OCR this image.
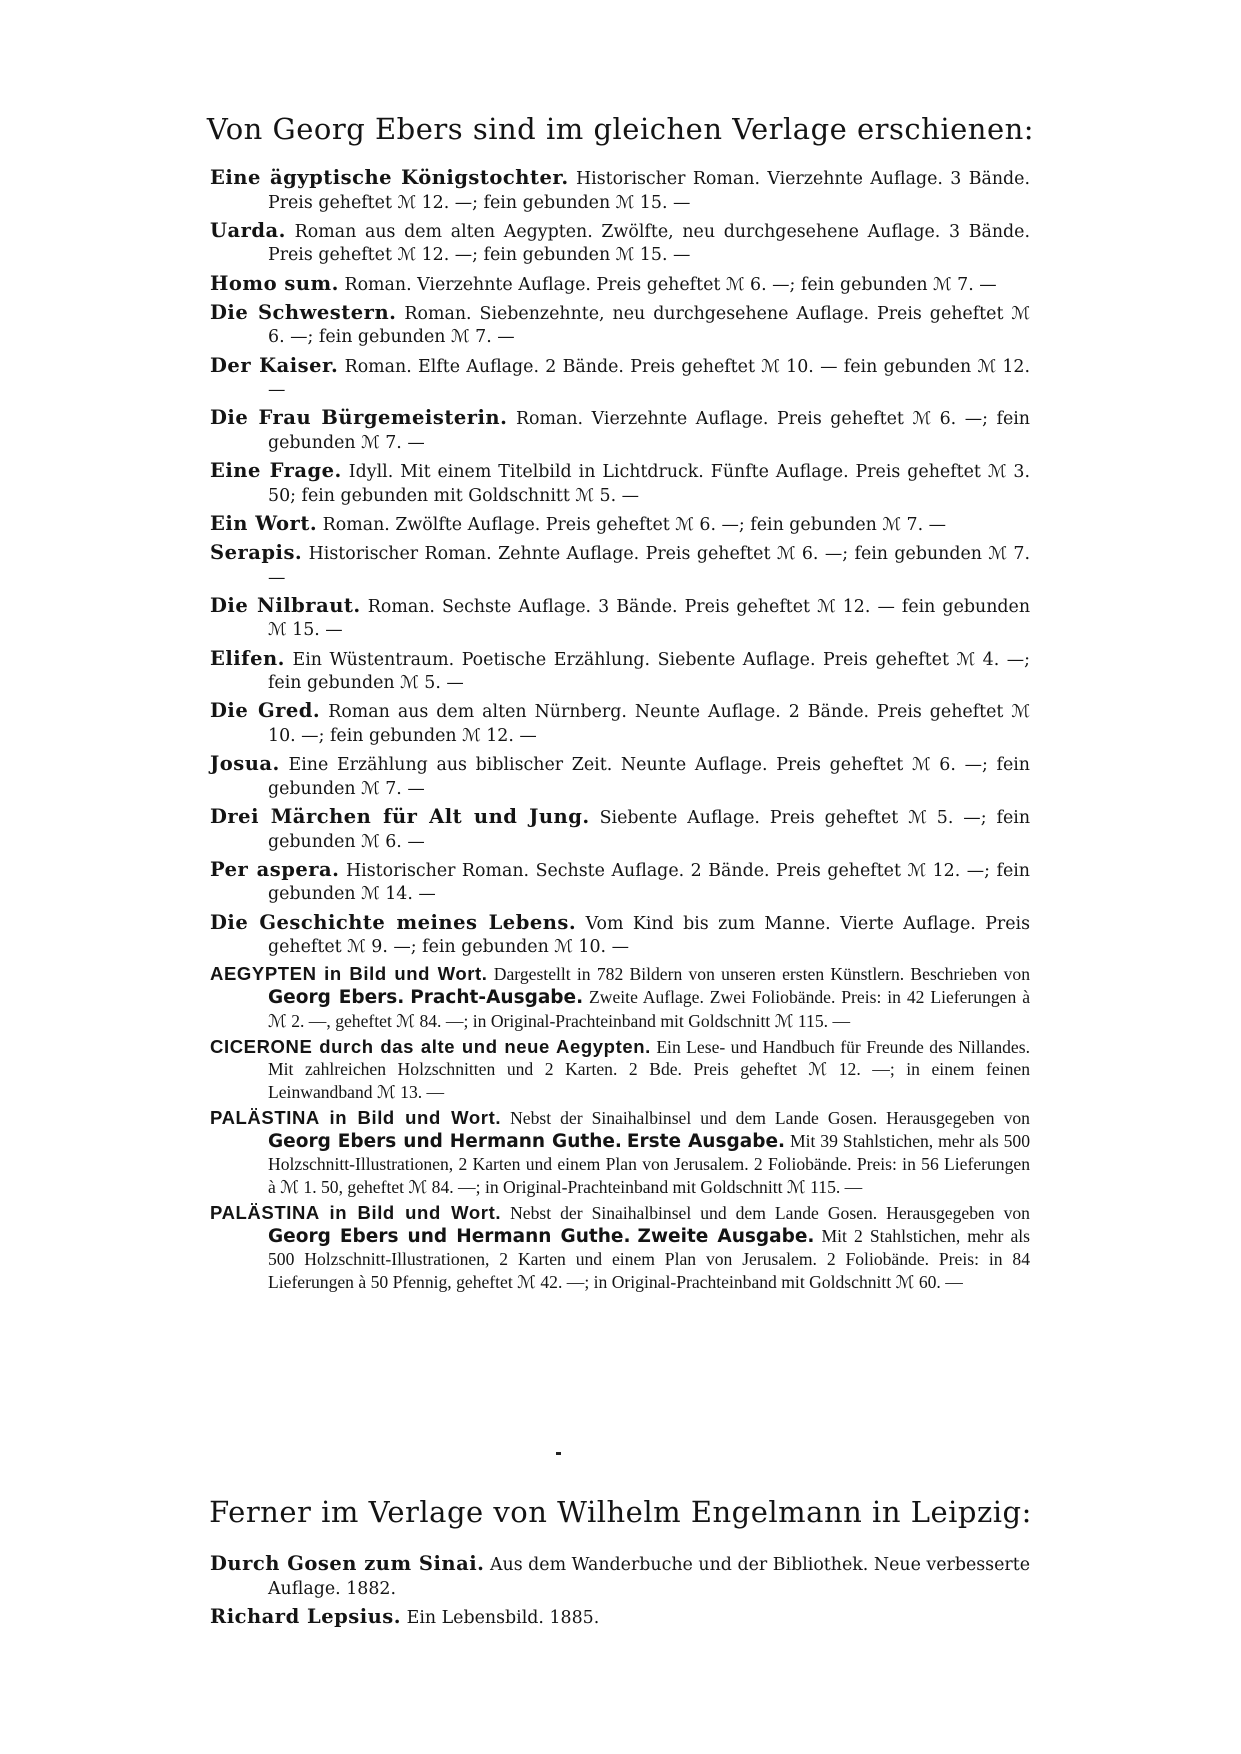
Von Georg Ebers sind im gleichen Verlage erschienen:

Eine ägyptische Königstochter. Historischer Roman. Vierzehnte Auflage. 3 Bände. Preis geheftet ℳ 12. —; fein gebunden ℳ 15. —

Uarda. Roman aus dem alten Aegypten. Zwölfte, neu durchgesehene Auflage. 3 Bände. Preis geheftet ℳ 12. —; fein gebunden ℳ 15. —

Homo sum. Roman. Vierzehnte Auflage. Preis geheftet ℳ 6. —; fein gebunden ℳ 7. —

Die Schwestern. Roman. Siebenzehnte, neu durchgesehene Auflage. Preis geheftet ℳ 6. —; fein gebunden ℳ 7. —

Der Kaiser. Roman. Elfte Auflage. 2 Bände. Preis geheftet ℳ 10. — fein gebunden ℳ 12. —

Die Frau Bürgemeisterin. Roman. Vierzehnte Auflage. Preis geheftet ℳ 6. —; fein gebunden ℳ 7. —

Eine Frage. Idyll. Mit einem Titelbild in Lichtdruck. Fünfte Auflage. Preis geheftet ℳ 3. 50; fein gebunden mit Goldschnitt ℳ 5. —

Ein Wort. Roman. Zwölfte Auflage. Preis geheftet ℳ 6. —; fein gebunden ℳ 7. —

Serapis. Historischer Roman. Zehnte Auflage. Preis geheftet ℳ 6. —; fein gebunden ℳ 7. —

Die Nilbraut. Roman. Sechste Auflage. 3 Bände. Preis geheftet ℳ 12. — fein gebunden ℳ 15. —

Elifen. Ein Wüstentraum. Poetische Erzählung. Siebente Auflage. Preis geheftet ℳ 4. —; fein gebunden ℳ 5. —

Die Gred. Roman aus dem alten Nürnberg. Neunte Auflage. 2 Bände. Preis geheftet ℳ 10. —; fein gebunden ℳ 12. —

Josua. Eine Erzählung aus biblischer Zeit. Neunte Auflage. Preis geheftet ℳ 6. —; fein gebunden ℳ 7. —

Drei Märchen für Alt und Jung. Siebente Auflage. Preis geheftet ℳ 5. —; fein gebunden ℳ 6. —

Per aspera. Historischer Roman. Sechste Auflage. 2 Bände. Preis geheftet ℳ 12. —; fein gebunden ℳ 14. —

Die Geschichte meines Lebens. Vom Kind bis zum Manne. Vierte Auflage. Preis geheftet ℳ 9. —; fein gebunden ℳ 10. —

AEGYPTEN in Bild und Wort. Dargestellt in 782 Bildern von unseren ersten Künstlern. Beschrieben von Georg Ebers. Pracht-Ausgabe. Zweite Auflage. Zwei Foliobände. Preis: in 42 Lieferungen à ℳ 2. —, geheftet ℳ 84. —; in Original-Prachteinband mit Goldschnitt ℳ 115. —

CICERONE durch das alte und neue Aegypten. Ein Lese- und Handbuch für Freunde des Nillandes. Mit zahlreichen Holzschnitten und 2 Karten. 2 Bde. Preis geheftet ℳ 12. —; in einem feinen Leinwandband ℳ 13. —

PALÄSTINA in Bild und Wort. Nebst der Sinaihalbinsel und dem Lande Gosen. Herausgegeben von Georg Ebers und Hermann Guthe. Erste Ausgabe. Mit 39 Stahlstichen, mehr als 500 Holzschnitt-Illustrationen, 2 Karten und einem Plan von Jerusalem. 2 Foliobände. Preis: in 56 Lieferungen à ℳ 1. 50, geheftet ℳ 84. —; in Original-Prachteinband mit Goldschnitt ℳ 115. —

PALÄSTINA in Bild und Wort. Nebst der Sinaihalbinsel und dem Lande Gosen. Herausgegeben von Georg Ebers und Hermann Guthe. Zweite Ausgabe. Mit 2 Stahlstichen, mehr als 500 Holzschnitt-Illustrationen, 2 Karten und einem Plan von Jerusalem. 2 Foliobände. Preis: in 84 Lieferungen à 50 Pfennig, geheftet ℳ 42. —; in Original-Prachteinband mit Goldschnitt ℳ 60. —

Ferner im Verlage von Wilhelm Engelmann in Leipzig:

Durch Gosen zum Sinai. Aus dem Wanderbuche und der Bibliothek. Neue verbesserte Auflage. 1882.

Richard Lepsius. Ein Lebensbild. 1885.
